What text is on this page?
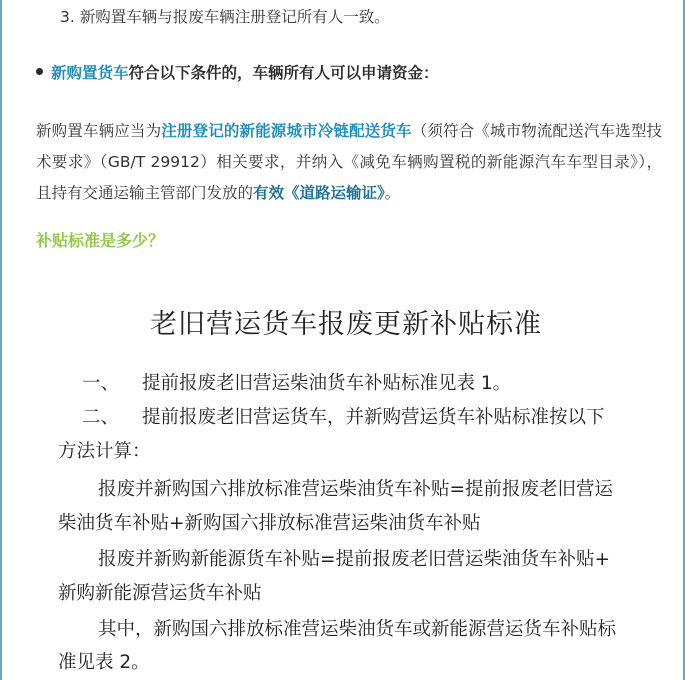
3. 新购置车辆与报废车辆注册登记所有人一致。
新购置货车符合以下条件的，车辆所有人可以申请资金：
新购置车辆应当为注册登记的新能源城市冷链配送货车（须符合《城市物流配送汽车选型技术要求》（GB/T 29912）相关要求，并纳入《减免车辆购置税的新能源汽车车型目录》），且持有交通运输主管部门发放的有效《道路运输证》。
补贴标准是多少？
老旧营运货车报废更新补贴标准
一、 提前报废老旧营运柴油货车补贴标准见表 1。
二、 提前报废老旧营运货车，并新购营运货车补贴标准按以下
方法计算：
报废并新购国六排放标准营运柴油货车补贴=提前报废老旧营运
柴油货车补贴+新购国六排放标准营运柴油货车补贴
报废并新购新能源货车补贴=提前报废老旧营运柴油货车补贴+
新购新能源营运货车补贴
其中，新购国六排放标准营运柴油货车或新能源营运货车补贴标
准见表 2。
